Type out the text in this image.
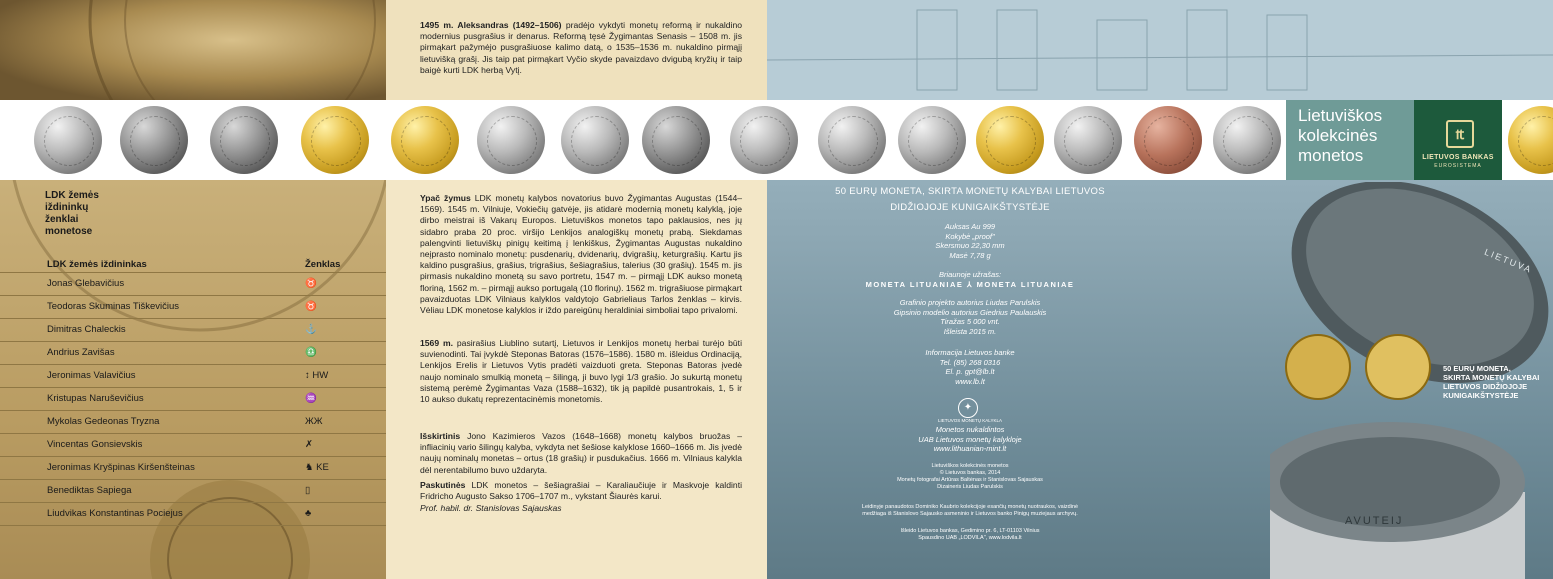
Lietuviškos
kolekcinės
monetos
₶
LIETUVOS BANKAS
EUROSISTEMA
LDK žemės
iždininkų
ženklai
monetose
LDK žemės iždininkas	Ženklas
Jonas Glebavičius	♉
Teodoras Skuminas Tiškevičius	♉
Dimitras Chaleckis	⚓
Andrius Zavišas	♎
Jeronimas Valavičius	↕ HW
Kristupas Naruševičius	♒
Mykolas Gedeonas Tryzna	ЖЖ
Vincentas Gonsievskis	✗
Jeronimas Kryšpinas Kiršenšteinas	♞ KE
Benediktas Sapiega	▯
Liudvikas Konstantinas Pociejus	♣
1495 m. Aleksandras (1492–1506) pradėjo vykdyti monetų reformą ir nukaldino modernius pusgrašius ir denarus. Reformą tęsė Žygimantas Senasis – 1508 m. jis pirmąkart pažymėjo pusgrašiuose kalimo datą, o 1535–1536 m. nukaldino pirmąjį lietuvišką grašį. Jis taip pat pirmąkart Vyčio skyde pavaizdavo dvigubą kryžių ir taip baigė kurti LDK herbą Vytį.
Ypač žymus LDK monetų kalybos novatorius buvo Žygimantas Augustas (1544–1569). 1545 m. Vilniuje, Vokiečių gatvėje, jis atidarė modernią monetų kalyklą, joje dirbo meistrai iš Vakarų Europos. Lietuviškos monetos tapo paklausios, nes jų sidabro praba 20 proc. viršijo Lenkijos analogiškų monetų prabą. Siekdamas palengvinti lietuviškų pinigų keitimą į lenkiškus, Žygimantas Augustas nukaldino neįprasto nominalo monetų: pusdenarių, dvidenarių, dvigrašių, keturgrašių. Kartu jis kaldino pusgrašius, grašius, trigrašius, šešiagrašius, talerius (30 grašių). 1545 m. jis pirmasis nukaldino monetą su savo portretu, 1547 m. – pirmąjį LDK aukso monetą floriną, 1562 m. – pirmąjį aukso portugalą (10 florinų). 1562 m. trigrašiuose pirmąkart pavaizduotas LDK Vilniaus kalyklos valdytojo Gabrieliaus Tarlos ženklas – kirvis. Vėliau LDK monetose kalyklos ir iždo pareigūnų heraldiniai simboliai tapo privalomi.
1569 m. pasirašius Liublino sutartį, Lietuvos ir Lenkijos monetų herbai turėjo būti suvienodinti. Tai įvykdė Steponas Batoras (1576–1586). 1580 m. išleidus Ordinaciją, Lenkijos Erelis ir Lietuvos Vytis pradėti vaizduoti greta. Steponas Batoras įvedė naujo nominalo smulkią monetą – šilingą, ji buvo lygi 1/3 grašio. Jo sukurtą monetų sistemą perėmė Žygimantas Vaza (1588–1632), tik ją papildė pusantrokais, 1, 5 ir 10 aukso dukatų reprezentacinėmis monetomis.
Išskirtinis Jono Kazimieros Vazos (1648–1668) monetų kalybos bruožas – infliacinių vario šilingų kalyba, vykdyta net šešiose kalyklose 1660–1666 m. Jis įvedė naujų nominalų monetas – ortus (18 grašių) ir pusdukačius. 1666 m. Vilniaus kalykla dėl nerentabilumo buvo uždaryta.
Paskutinės LDK monetos – šešiagrašiai – Karaliaučiuje ir Maskvoje kaldinti Fridricho Augusto Sakso 1706–1707 m., vykstant Šiaurės karui.
Prof. habil. dr. Stanislovas Sajauskas
50 EURŲ MONETA, SKIRTA MONETŲ KALYBAI LIETUVOS
DIDŽIOJOJE KUNIGAIKŠTYSTĖJE
Auksas Au 999
Kokybė „proof"
Skersmuo 22,30 mm
Masė 7,78 g
Briaunoje užrašas:
MONETA LITUANIAE ⅄ MONETA LITUANIAE
Grafinio projekto autorius Liudas Parulskis
Gipsinio modelio autorius Giedrius Paulauskis
Tiražas 5 000 vnt.
Išleista 2015 m.
Informacija Lietuvos banke
Tel. (85) 268 0316
El. p. gpt@lb.lt
www.lb.lt
✦
LIETUVOS MONETŲ KALYKLA
Monetos nukaldintos
UAB Lietuvos monetų kalykloje
www.lithuanian-mint.lt
Lietuviškos kolekcinės monetos
© Lietuvos bankas, 2014
Monetų fotografai Artūras Baltėnas ir Stanislovas Sajauskas
Dizaineris Liudas Parulskis
Leidinyje panaudotos Dominiko Kaubrio kolekcijoje esančių monetų nuotraukos, vaizdinė
medžiaga iš Stanislovo Sajausko asmeninio ir Lietuvos banko Pinigų muziejaus archyvų.
Išleido Lietuvos bankas, Gedimino pr. 6, LT-01103 Vilnius
Spausdino UAB „LODVILA", www.lodvila.lt
LIETUVA
AVUTEIJ
50 EURŲ MONETA,
SKIRTA MONETŲ KALYBAI
LIETUVOS DIDŽIOJOJE
KUNIGAIKŠTYSTĖJE
